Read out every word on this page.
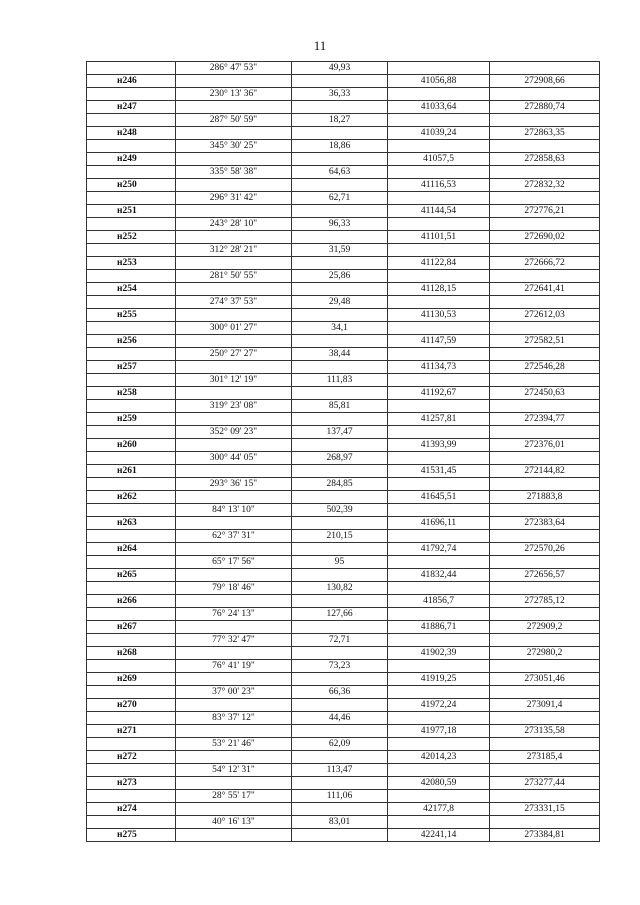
11
	286° 47' 53"	49,93		
н246			41056,88	272908,66
	230° 13' 36"	36,33		
н247			41033,64	272880,74
	287° 50' 59"	18,27		
н248			41039,24	272863,35
	345° 30' 25"	18,86		
н249			41057,5	272858,63
	335° 58' 38"	64,63		
н250			41116,53	272832,32
	296° 31' 42"	62,71		
н251			41144,54	272776,21
	243° 28' 10"	96,33		
н252			41101,51	272690,02
	312° 28' 21"	31,59		
н253			41122,84	272666,72
	281° 50' 55"	25,86		
н254			41128,15	272641,41
	274° 37' 53"	29,48		
н255			41130,53	272612,03
	300° 01' 27"	34,1		
н256			41147,59	272582,51
	250° 27' 27"	38,44		
н257			41134,73	272546,28
	301° 12' 19"	111,83		
н258			41192,67	272450,63
	319° 23' 08"	85,81		
н259			41257,81	272394,77
	352° 09' 23"	137,47		
н260			41393,99	272376,01
	300° 44' 05"	268,97		
н261			41531,45	272144,82
	293° 36' 15"	284,85		
н262			41645,51	271883,8
	84° 13' 10"	502,39		
н263			41696,11	272383,64
	62° 37' 31"	210,15		
н264			41792,74	272570,26
	65° 17' 56"	95		
н265			41832,44	272656,57
	79° 18' 46"	130,82		
н266			41856,7	272785,12
	76° 24' 13"	127,66		
н267			41886,71	272909,2
	77° 32' 47"	72,71		
н268			41902,39	272980,2
	76° 41' 19"	73,23		
н269			41919,25	273051,46
	37° 00' 23"	66,36		
н270			41972,24	273091,4
	83° 37' 12"	44,46		
н271			41977,18	273135,58
	53° 21' 46"	62,09		
н272			42014,23	273185,4
	54° 12' 31"	113,47		
н273			42080,59	273277,44
	28° 55' 17"	111,06		
н274			42177,8	273331,15
	40° 16' 13"	83,01		
н275			42241,14	273384,81
